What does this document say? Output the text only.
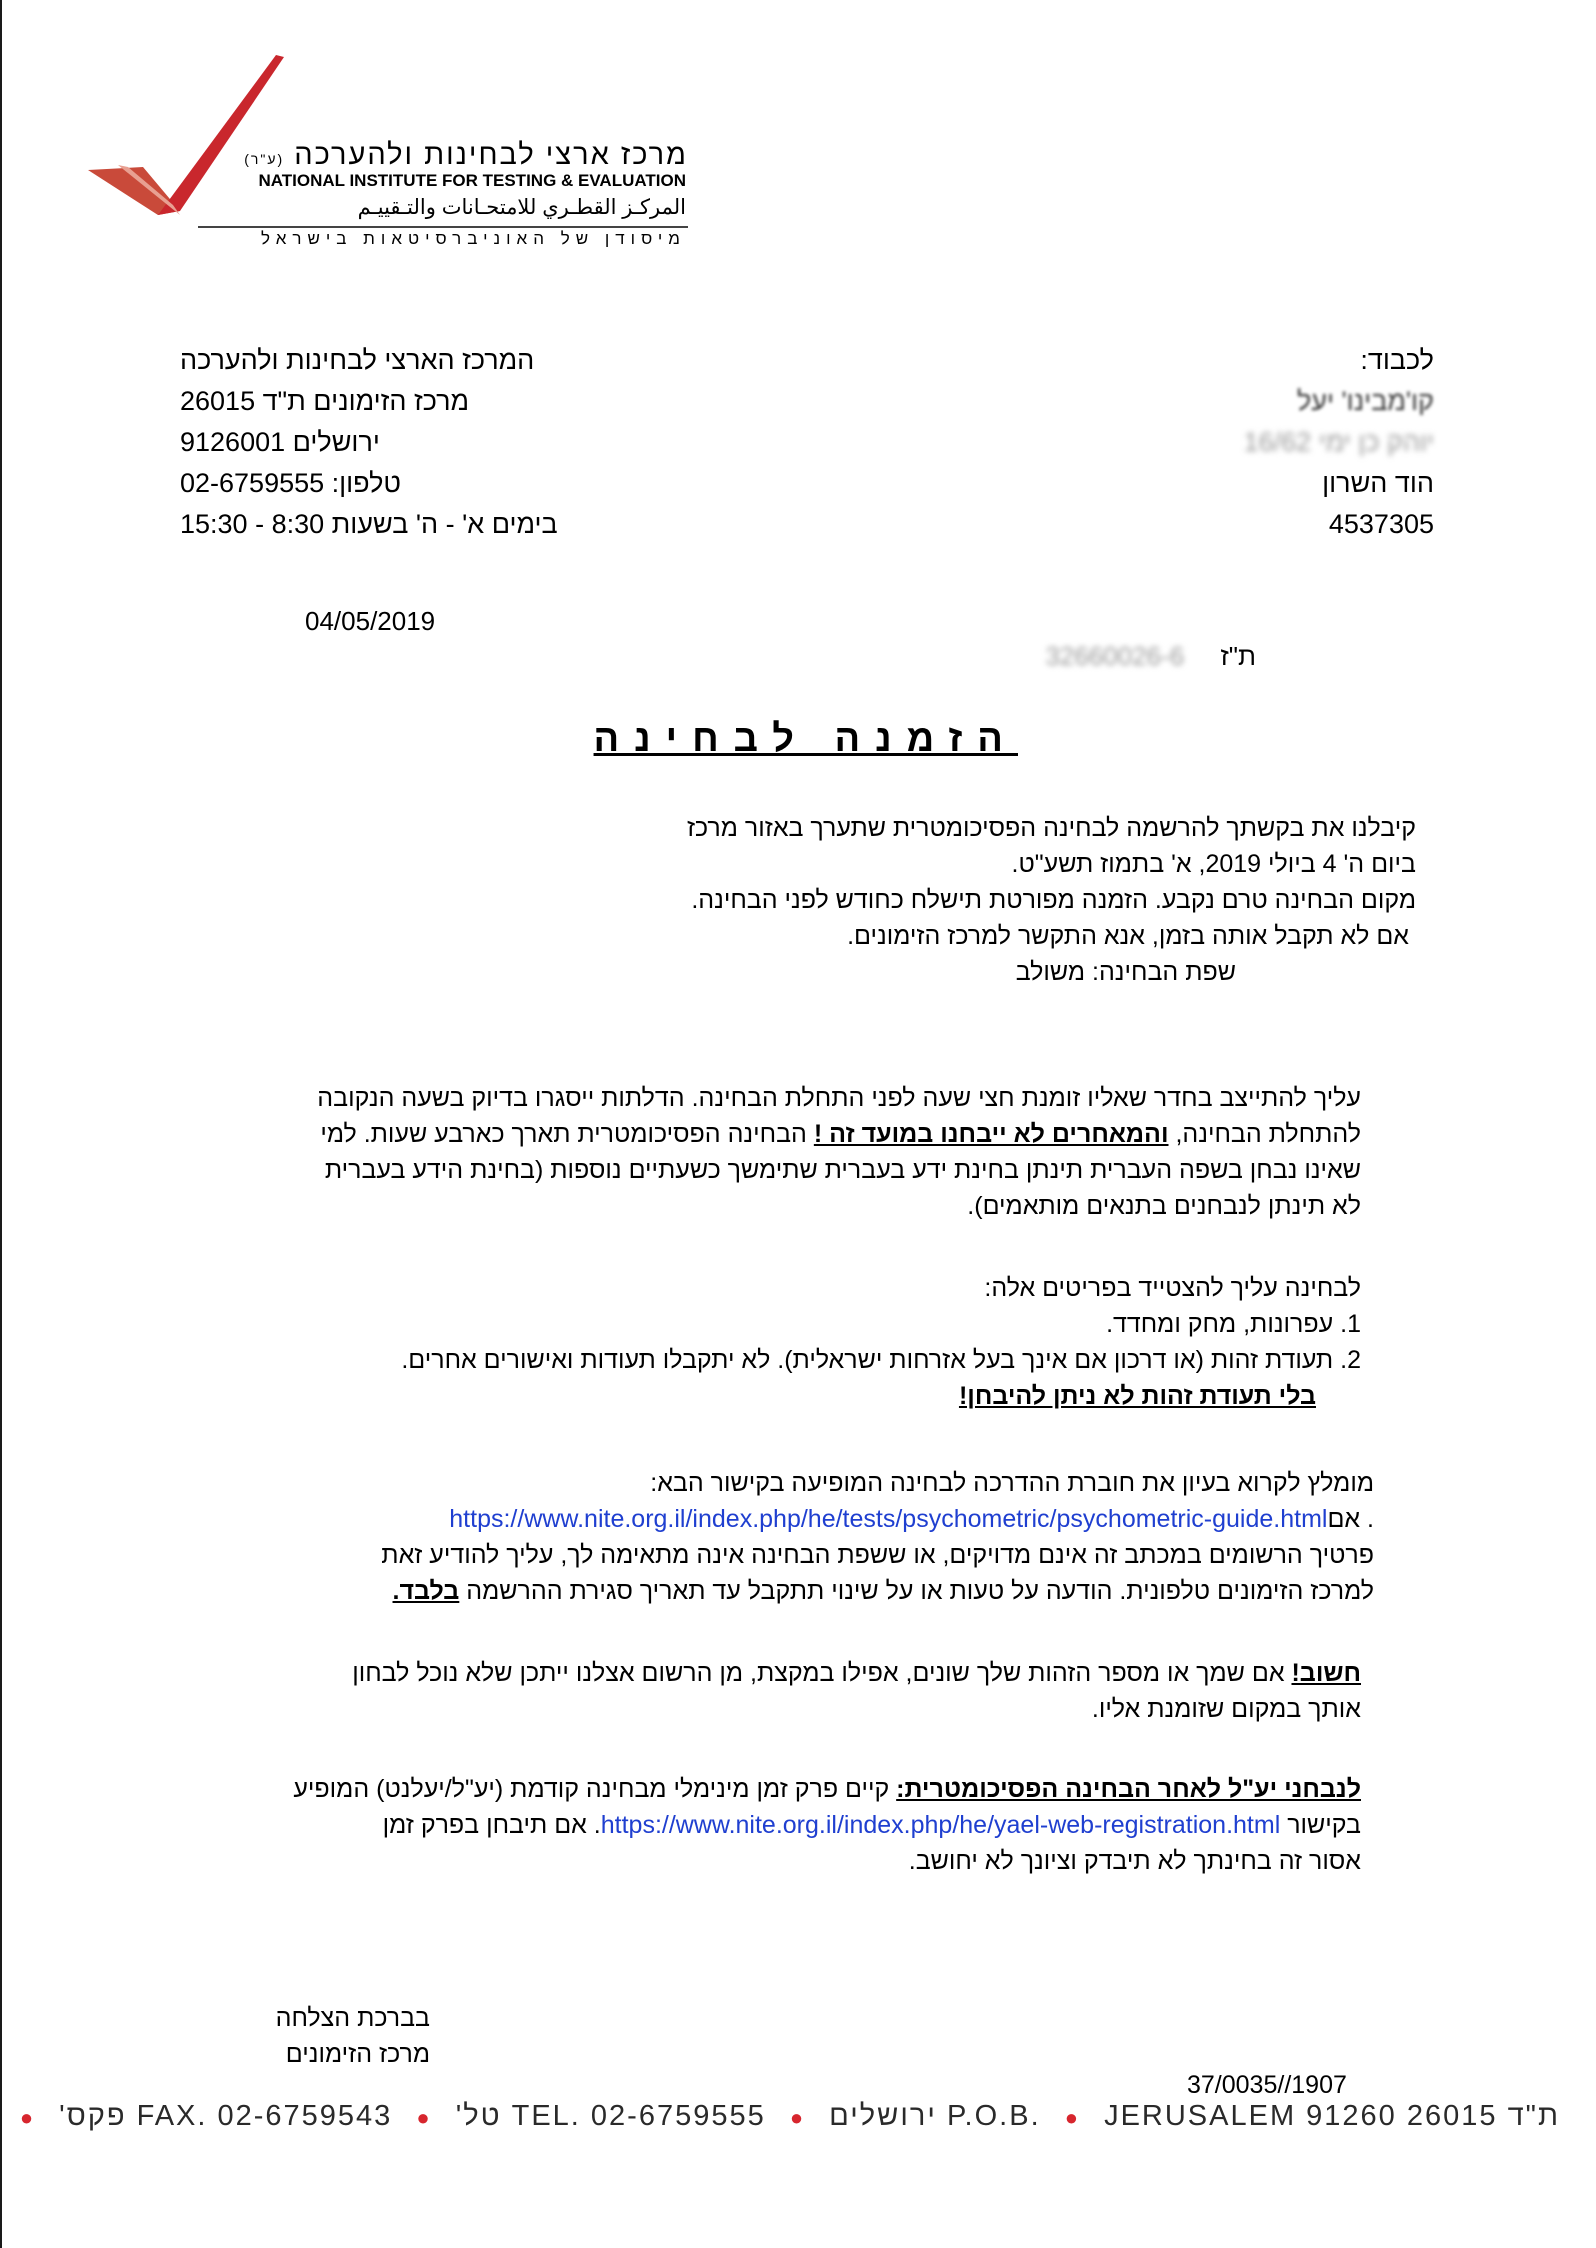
(ע"ר) מרכז ארצי לבחינות ולהערכה
NATIONAL INSTITUTE FOR TESTING & EVALUATION
المركـز القطـري للامتحـانات والتـقييـم
מיסודן של האוניברסיטאות בישראל
המרכז הארצי לבחינות ולהערכה
מרכז הזימונים ת"ד 26015
ירושלים 9126001
טלפון: 02-6759555
בימים א' - ה' בשעות 8:30 - 15:30
לכבוד:
קו'מבינו' יעל
יוהק כן ימי 16/62
הוד השרון
4537305
04/05/2019
ת"ז     32660026-6
הזמנה לבחינה

קיבלנו את בקשתך להרשמה לבחינה הפסיכומטרית שתערך באזור מרכז

ביום ה' 4 ביולי 2019, א' בתמוז תשע"ט.

מקום הבחינה טרם נקבע. הזמנה מפורטת תישלח כחודש לפני הבחינה.

אם לא תקבל אותה בזמן, אנא התקשר למרכז הזימונים.

שפת הבחינה: משולב

עליך להתייצב בחדר שאליו זומנת חצי שעה לפני התחלת הבחינה. הדלתות ייסגרו בדיוק בשעה הנקובה

להתחלת הבחינה, והמאחרים לא ייבחנו במועד זה ! הבחינה הפסיכומטרית תארך כארבע שעות. למי

שאינו נבחן בשפה העברית תינתן בחינת ידע בעברית שתימשך כשעתיים נוספות (בחינת הידע בעברית

לא תינתן לנבחנים בתנאים מותאמים).

לבחינה עליך להצטייד בפריטים אלה:

1. עפרונות, מחק ומחדד.

2. תעודת זהות (או דרכון אם אינך בעל אזרחות ישראלית). לא יתקבלו תעודות ואישורים אחרים.

בלי תעודת זהות לא ניתן להיבחן!

מומלץ לקרוא בעיון את חוברת ההדרכה לבחינה המופיעה בקישור הבא:

. אםhttps://www.nite.org.il/index.php/he/tests/psychometric/psychometric-guide.html

פרטיך הרשומים במכתב זה אינם מדויקים, או ששפת הבחינה אינה מתאימה לך, עליך להודיע זאת

למרכז הזימונים טלפונית. הודעה על טעות או על שינוי תתקבל עד תאריך סגירת ההרשמה בלבד.

חשוב! אם שמך או מספר הזהות שלך שונים, אפילו במקצת, מן הרשום אצלנו ייתכן שלא נוכל לבחון

אותך במקום שזומנת אליו.

לנבחני יע"ל לאחר הבחינה הפסיכומטרית: קיים פרק זמן מינימלי מבחינה קודמת (יע"ל/יעלנט) המופיע

בקישור https://www.nite.org.il/index.php/he/yael-web-registration.html. אם תיבחן בפרק זמן

אסור זה בחינתך לא תיבדק וציונך לא יחושב.

בברכת הצלחה

מרכז הזימונים

37/0035//1907
ת"ד 26015 P.O.B. ● JERUSALEM 91260 ירושלים ● TEL. 02-6759555 טל' ● FAX. 02-6759543 פקס' ●
